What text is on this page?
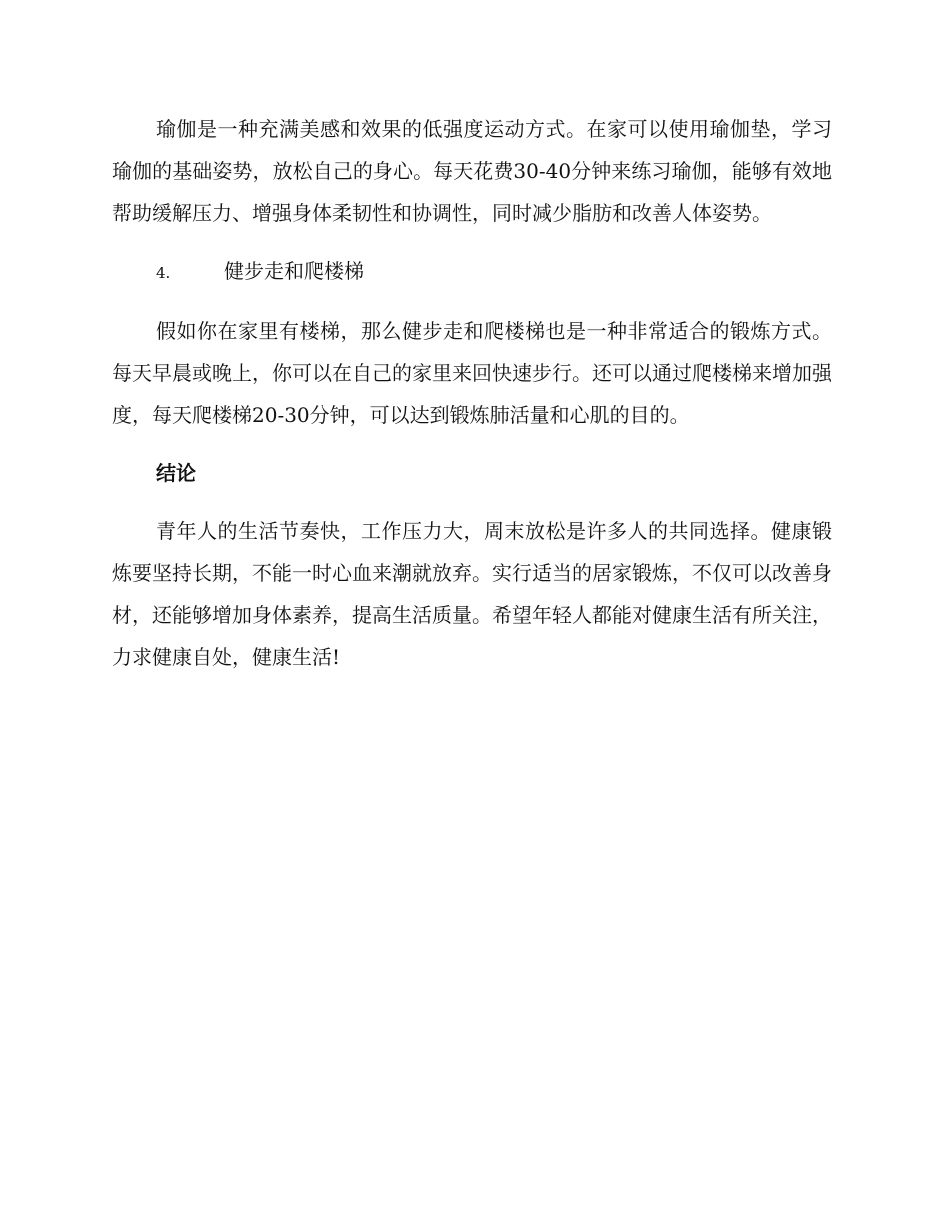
瑜伽是一种充满美感和效果的低强度运动方式。在家可以使用瑜伽垫，学习瑜伽的基础姿势，放松自己的身心。每天花费30-40分钟来练习瑜伽，能够有效地帮助缓解压力、增强身体柔韧性和协调性，同时减少脂肪和改善人体姿势。

4.	健步走和爬楼梯

假如你在家里有楼梯，那么健步走和爬楼梯也是一种非常适合的锻炼方式。每天早晨或晚上，你可以在自己的家里来回快速步行。还可以通过爬楼梯来增加强度，每天爬楼梯20-30分钟，可以达到锻炼肺活量和心肌的目的。

结论

青年人的生活节奏快，工作压力大，周末放松是许多人的共同选择。健康锻炼要坚持长期，不能一时心血来潮就放弃。实行适当的居家锻炼，不仅可以改善身材，还能够增加身体素养，提高生活质量。希望年轻人都能对健康生活有所关注，力求健康自处，健康生活!
